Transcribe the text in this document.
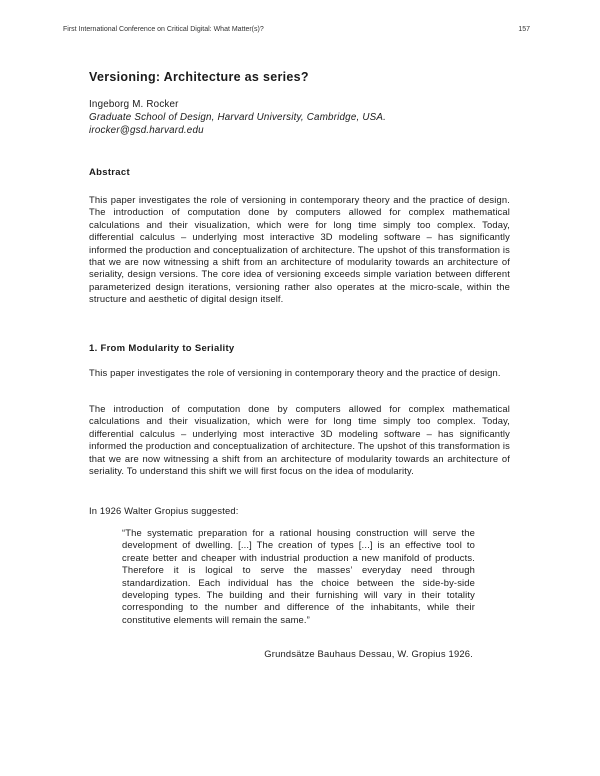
First International Conference on Critical Digital: What Matter(s)?	157
Versioning: Architecture as series?
Ingeborg M. Rocker
Graduate School of Design, Harvard University, Cambridge, USA.
irocker@gsd.harvard.edu
Abstract

This paper investigates the role of versioning in contemporary theory and the practice of design. The introduction of computation done by computers allowed for complex mathematical calculations and their visualization, which were for long time simply too complex. Today, differential calculus – underlying most interactive 3D modeling software – has significantly informed the production and conceptualization of architecture. The upshot of this transformation is that we are now witnessing a shift from an architecture of modularity towards an architecture of seriality, design versions. The core idea of versioning exceeds simple variation between different parameterized design iterations, versioning rather also operates at the micro-scale, within the structure and aesthetic of digital design itself.

1. From Modularity to Seriality

This paper investigates the role of versioning in contemporary theory and the practice of design.

The introduction of computation done by computers allowed for complex mathematical calculations and their visualization, which were for long time simply too complex. Today, differential calculus – underlying most interactive 3D modeling software – has significantly informed the production and conceptualization of architecture. The upshot of this transformation is that we are now witnessing a shift from an architecture of modularity towards an architecture of seriality. To understand this shift we will first focus on the idea of modularity.

In 1926 Walter Gropius suggested:

“The systematic preparation for a rational housing construction will serve the development of dwelling. [...] The creation of types [...] is an effective tool to create better and cheaper with industrial production a new manifold of products. Therefore it is logical to serve the masses’ everyday need through standardization. Each individual has the choice between the side-by-side developing types. The building and their furnishing will vary in their totality corresponding to the number and difference of the inhabitants, while their constitutive elements will remain the same.”

Grundsätze Bauhaus Dessau, W. Gropius 1926.
